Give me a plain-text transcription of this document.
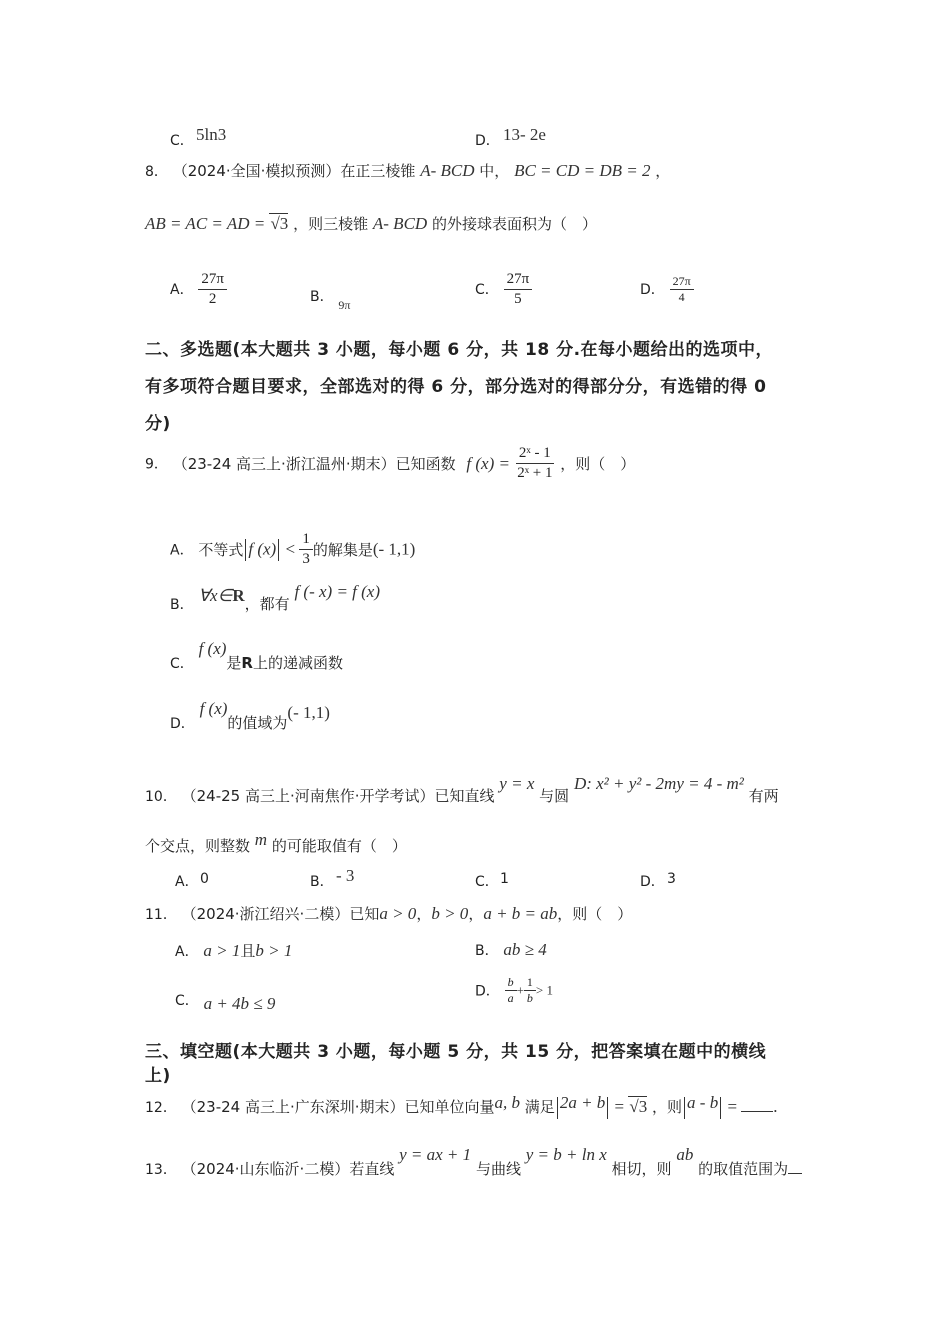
C． 5ln3	D． 13- 2e
8． （2024·全国·模拟预测）在正三棱锥 A- BCD 中， BC = CD = DB = 2 ，
AB = AC = AD = √3 ，则三棱锥 A- BCD 的外接球表面积为（　）
A． $\frac{27\pi}{2}$	B． $_{9\pi}$
C． $\frac{27\pi}{5}$	D． $\frac{27\pi}{4}$
二、多选题(本大题共 3 小题，每小题 6 分，共 18 分.在每小题给出的选项中，
有多项符合题目要求，全部选对的得 6 分，部分选对的得部分分，有选错的得 0
分)
9． （23-24 高三上·浙江温州·期末）已知函数 f $(x) = \frac{\text{2ˣ - 1}}{\text{2ˣ + 1}}$ ，则（　）
A． 不等式 f $(x) < \frac{1}{3}$ 的解集是(- 1,1)
B． ∀x∈R，都有 f (- x) = f (x)
C． f (x)是R上的递减函数
D． f (x)的值域为(- 1,1)
10． （24-25 高三上·河南焦作·开学考试）已知直线 y = x 与圆 D: x² + y² - 2my = 4 - m² 有两
个交点，则整数 m 的可能取值有（　）
A． 0	B． - 3	C． 1	D． 3
11． （2024·浙江绍兴·二模）已知a > 0，b > 0，a + b = ab，则（　）
A． a > 1且b > 1	B． ab ≥ 4
C． a + 4b ≤ 9
D． $\frac{b}{a} + \frac{1}{b} > 1$
三、填空题(本大题共 3 小题，每小题 5 分，共 15 分，把答案填在题中的横线
上)
12． （23-24 高三上·广东深圳·期末）已知单位向量a, b 满足 2a + b = √3 ，则 a - b = .
13． （2024·山东临沂·二模）若直线 y = ax + 1 与曲线 y = b + ln x 相切，则 ab 的取值范围为
